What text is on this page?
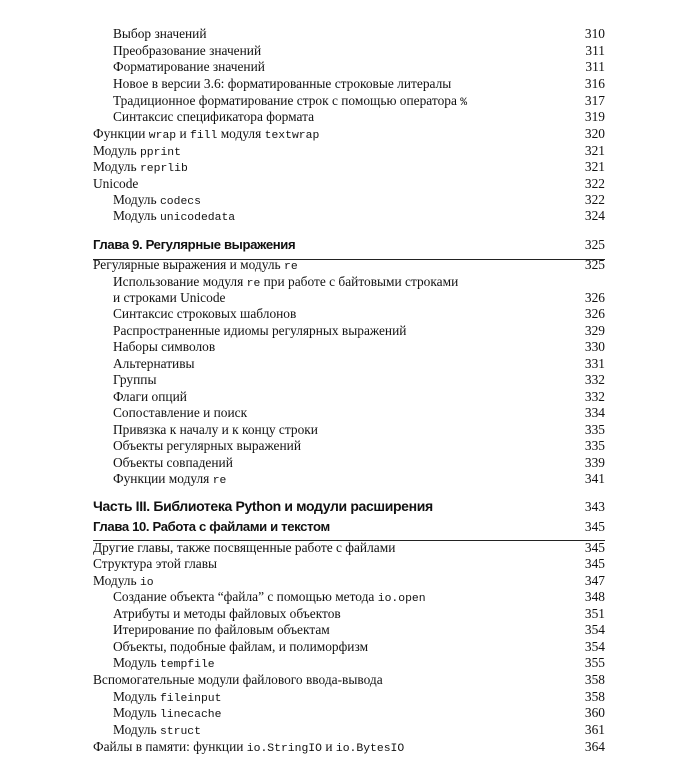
Выбор значений	310
Преобразование значений	311
Форматирование значений	311
Новое в версии 3.6: форматированные строковые литералы	316
Традиционное форматирование строк с помощью оператора %	317
Синтаксис спецификатора формата	319
Функции wrap и fill модуля textwrap	320
Модуль pprint	321
Модуль reprlib	321
Unicode	322
Модуль codecs	322
Модуль unicodedata	324
Глава 9. Регулярные выражения	325
Регулярные выражения и модуль re	325
Использование модуля re при работе с байтовыми строками
и строками Unicode	326
Синтаксис строковых шаблонов	326
Распространенные идиомы регулярных выражений	329
Наборы символов	330
Альтернативы	331
Группы	332
Флаги опций	332
Сопоставление и поиск	334
Привязка к началу и к концу строки	335
Объекты регулярных выражений	335
Объекты совпадений	339
Функции модуля re	341
Часть III. Библиотека Python и модули расширения	343
Глава 10. Работа с файлами и текстом	345
Другие главы, также посвященные работе с файлами	345
Структура этой главы	345
Модуль io	347
Создание объекта “файла” с помощью метода io.open	348
Атрибуты и методы файловых объектов	351
Итерирование по файловым объектам	354
Объекты, подобные файлам, и полиморфизм	354
Модуль tempfile	355
Вспомогательные модули файлового ввода-вывода	358
Модуль fileinput	358
Модуль linecache	360
Модуль struct	361
Файлы в памяти: функции io.StringIO и io.BytesIO	364
